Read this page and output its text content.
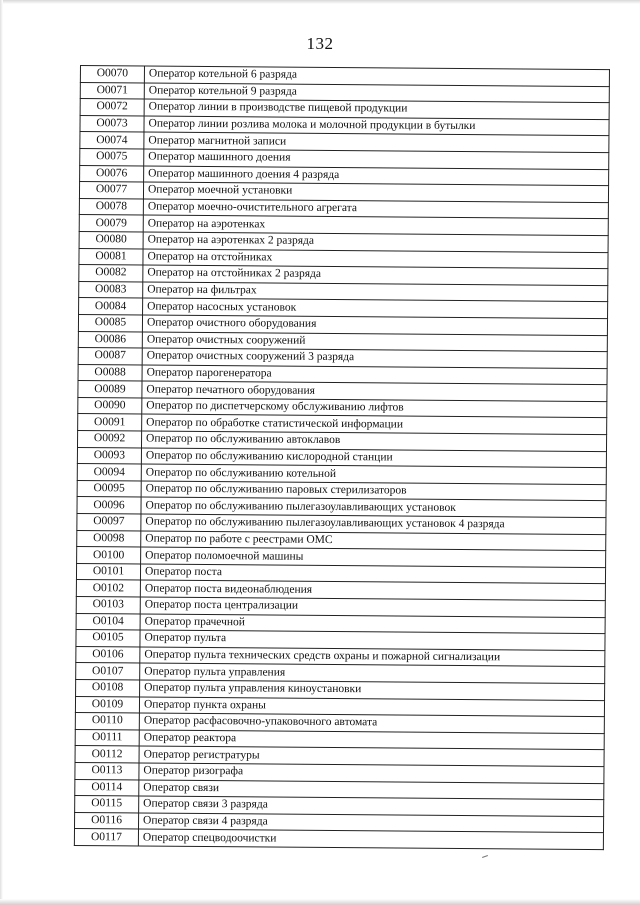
132
O0070	Оператор котельной 6 разряда
O0071	Оператор котельной 9 разряда
O0072	Оператор линии в производстве пищевой продукции
O0073	Оператор линии розлива молока и молочной продукции в бутылки
O0074	Оператор магнитной записи
O0075	Оператор машинного доения
O0076	Оператор машинного доения 4 разряда
O0077	Оператор моечной установки
O0078	Оператор моечно-очистительного агрегата
O0079	Оператор на аэротенках
O0080	Оператор на аэротенках 2 разряда
O0081	Оператор на отстойниках
O0082	Оператор на отстойниках 2 разряда
O0083	Оператор на фильтрах
O0084	Оператор насосных установок
O0085	Оператор очистного оборудования
O0086	Оператор очистных сооружений
O0087	Оператор очистных сооружений 3 разряда
O0088	Оператор парогенератора
O0089	Оператор печатного оборудования
O0090	Оператор по диспетчерскому обслуживанию лифтов
O0091	Оператор по обработке статистической информации
O0092	Оператор по обслуживанию автоклавов
O0093	Оператор по обслуживанию кислородной станции
O0094	Оператор по обслуживанию котельной
O0095	Оператор по обслуживанию паровых стерилизаторов
O0096	Оператор по обслуживанию пылегазоулавливающих установок
O0097	Оператор по обслуживанию пылегазоулавливающих установок 4 разряда
O0098	Оператор по работе с реестрами ОМС
O0100	Оператор поломоечной машины
O0101	Оператор поста
O0102	Оператор поста видеонаблюдения
O0103	Оператор поста централизации
O0104	Оператор прачечной
O0105	Оператор пульта
O0106	Оператор пульта технических средств охраны и пожарной сигнализации
O0107	Оператор пульта управления
O0108	Оператор пульта управления киноустановки
O0109	Оператор пункта охраны
O0110	Оператор расфасовочно-упаковочного автомата
O0111	Оператор реактора
O0112	Оператор регистратуры
O0113	Оператор ризографа
O0114	Оператор связи
O0115	Оператор связи 3 разряда
O0116	Оператор связи 4 разряда
O0117	Оператор спецводоочистки
